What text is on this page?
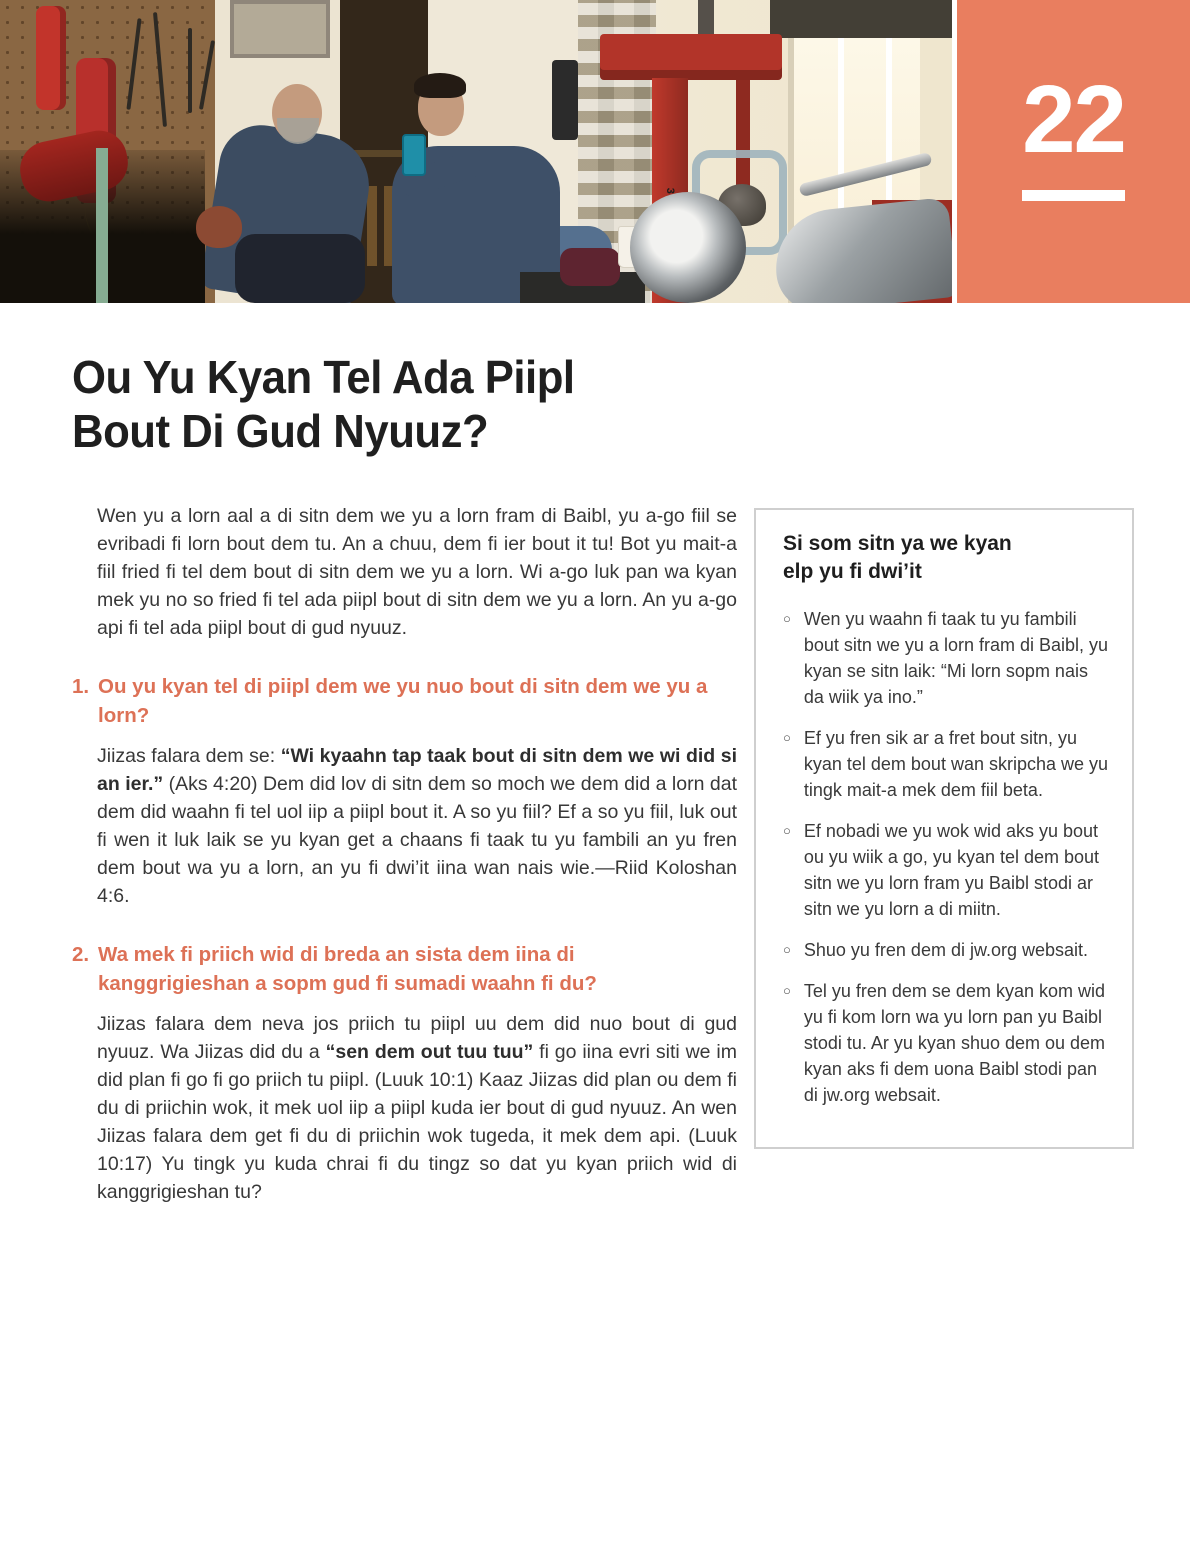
22
Ou Yu Kyan Tel Ada Piipl
Bout Di Gud Nyuuz?

Wen yu a lorn aal a di sitn dem we yu a lorn fram di Baibl, yu a-go fiil se evribadi fi lorn bout dem tu. An a chuu, dem fi ier bout it tu! Bot yu mait-a fiil fried fi tel dem bout di sitn dem we yu a lorn. Wi a-go luk pan wa kyan mek yu no so fried fi tel ada piipl bout di sitn dem we yu a lorn. An yu a-go api fi tel ada piipl bout di gud nyuuz.

1. Ou yu kyan tel di piipl dem we yu nuo bout di sitn dem we yu a lorn?

Jiizas falara dem se: “Wi kyaahn tap taak bout di sitn dem we wi did si an ier.” (Aks 4:20) Dem did lov di sitn dem so moch we dem did a lorn dat dem did waahn fi tel uol iip a piipl bout it. A so yu fiil? Ef a so yu fiil, luk out fi wen it luk laik se yu kyan get a chaans fi taak tu yu fambili an yu fren dem bout wa yu a lorn, an yu fi dwi’it iina wan nais wie.—Riid Koloshan 4:6.

2. Wa mek fi priich wid di breda an sista dem iina di kanggrigieshan a sopm gud fi sumadi waahn fi du?

Jiizas falara dem neva jos priich tu piipl uu dem did nuo bout di gud nyuuz. Wa Jiizas did du a “sen dem out tuu tuu” fi go iina evri siti we im did plan fi go fi go priich tu piipl. (Luuk 10:1) Kaaz Jiizas did plan ou dem fi du di priichin wok, it mek uol iip a piipl kuda ier bout di gud nyuuz. An wen Jiizas falara dem get fi du di priichin wok tugeda, it mek dem api. (Luuk 10:17) Yu tingk yu kuda chrai fi du tingz so dat yu kyan priich wid di kanggrigieshan tu?

Si som sitn ya we kyan
elp yu fi dwi’it
○ Wen yu waahn fi taak tu yu fambili bout sitn we yu a lorn fram di Baibl, yu kyan se sitn laik: “Mi lorn sopm nais da wiik ya ino.”
○ Ef yu fren sik ar a fret bout sitn, yu kyan tel dem bout wan skripcha we yu tingk mait-a mek dem fiil beta.
○ Ef nobadi we yu wok wid aks yu bout ou yu wiik a go, yu kyan tel dem bout sitn we yu lorn fram yu Baibl stodi ar sitn we yu lorn a di miitn.
○ Shuo yu fren dem di jw.org websait.
○ Tel yu fren dem se dem kyan kom wid yu fi kom lorn wa yu lorn pan yu Baibl stodi tu. Ar yu kyan shuo dem ou dem kyan aks fi dem uona Baibl stodi pan di jw.org websait.
